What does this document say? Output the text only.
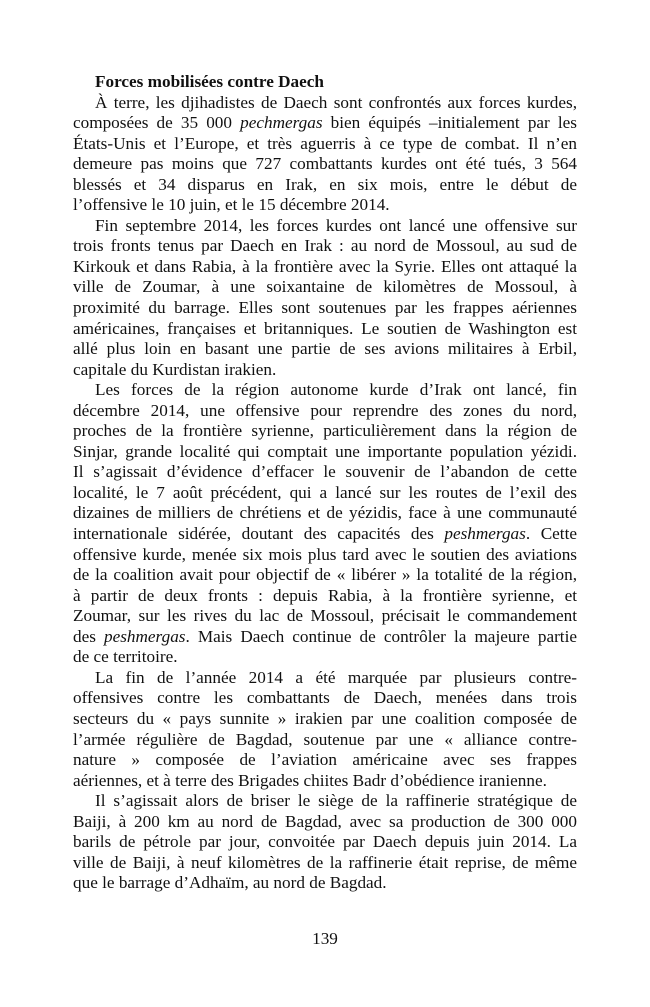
Forces mobilisées contre Daech
À terre, les djihadistes de Daech sont confrontés aux forces kurdes,
composées de 35 000 pechmergas bien équipés –initialement par les
États-Unis et l’Europe, et très aguerris à ce type de combat. Il n’en
demeure pas moins que 727 combattants kurdes ont été tués, 3 564
blessés et 34 disparus en Irak, en six mois, entre le début de
l’offensive le 10 juin, et le 15 décembre 2014.
Fin septembre 2014, les forces kurdes ont lancé une offensive sur
trois fronts tenus par Daech en Irak : au nord de Mossoul, au sud de
Kirkouk et dans Rabia, à la frontière avec la Syrie. Elles ont attaqué la
ville de Zoumar, à une soixantaine de kilomètres de Mossoul, à
proximité du barrage. Elles sont soutenues par les frappes aériennes
américaines, françaises et britanniques. Le soutien de Washington est
allé plus loin en basant une partie de ses avions militaires à Erbil,
capitale du Kurdistan irakien.
Les forces de la région autonome kurde d’Irak ont lancé, fin
décembre 2014, une offensive pour reprendre des zones du nord,
proches de la frontière syrienne, particulièrement dans la région de
Sinjar, grande localité qui comptait une importante population yézidi.
Il s’agissait d’évidence d’effacer le souvenir de l’abandon de cette
localité, le 7 août précédent, qui a lancé sur les routes de l’exil des
dizaines de milliers de chrétiens et de yézidis, face à une communauté
internationale sidérée, doutant des capacités des peshmergas. Cette
offensive kurde, menée six mois plus tard avec le soutien des aviations
de la coalition avait pour objectif de « libérer » la totalité de la région,
à partir de deux fronts : depuis Rabia, à la frontière syrienne, et
Zoumar, sur les rives du lac de Mossoul, précisait le commandement
des peshmergas. Mais Daech continue de contrôler la majeure partie
de ce territoire.
La fin de l’année 2014 a été marquée par plusieurs contre-
offensives contre les combattants de Daech, menées dans trois
secteurs du « pays sunnite » irakien par une coalition composée de
l’armée régulière de Bagdad, soutenue par une « alliance contre-
nature » composée de l’aviation américaine avec ses frappes
aériennes, et à terre des Brigades chiites Badr d’obédience iranienne.
Il s’agissait alors de briser le siège de la raffinerie stratégique de
Baiji, à 200 km au nord de Bagdad, avec sa production de 300 000
barils de pétrole par jour, convoitée par Daech depuis juin 2014. La
ville de Baiji, à neuf kilomètres de la raffinerie était reprise, de même
que le barrage d’Adhaïm, au nord de Bagdad.
139
